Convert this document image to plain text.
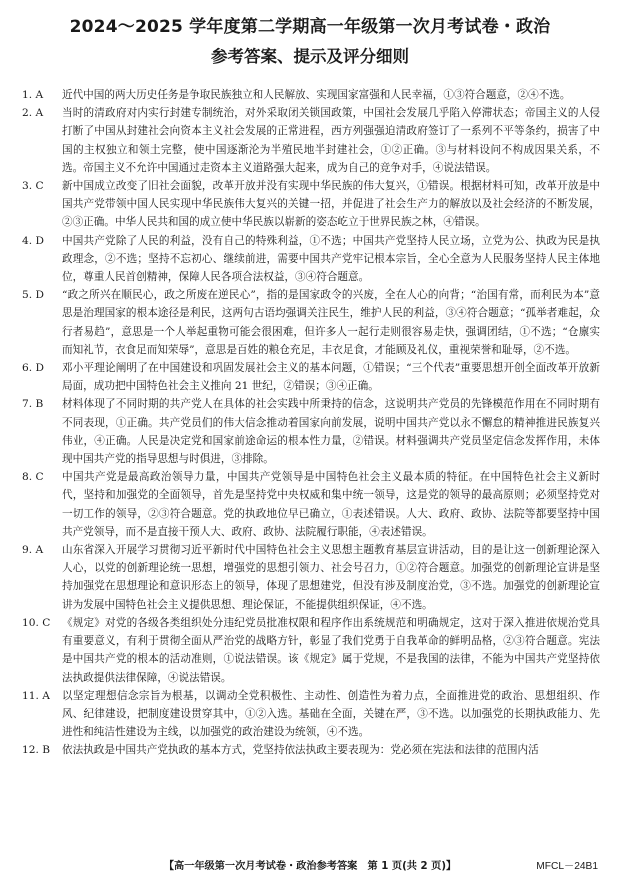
2024～2025 学年度第二学期高一年级第一次月考试卷・政治
参考答案、提示及评分细则
1. A	近代中国的两大历史任务是争取民族独立和人民解放、实现国家富强和人民幸福，①③符合题意，②④不选。
2. A	当时的清政府对内实行封建专制统治，对外采取闭关锁国政策，中国社会发展几乎陷入停滞状态；帝国主义的人侵打断了中国从封建社会向资本主义社会发展的正常进程，西方列强强迫清政府签订了一系列不平等条约，损害了中国的主权独立和领土完整，使中国逐渐沦为半殖民地半封建社会，①②正确。③与材料设问不构成因果关系，不选。帝国主义不允许中国通过走资本主义道路强大起来，成为自己的竞争对手，④说法错误。
3. C	新中国成立改变了旧社会面貌，改革开放并没有实现中华民族的伟大复兴，①错误。根据材料可知，改革开放是中国共产党带领中国人民实现中华民族伟大复兴的关键一招，并促进了社会生产力的解放以及社会经济的不断发展，②③正确。中华人民共和国的成立使中华民族以崭新的姿态屹立于世界民族之林，④错误。
4. D	中国共产党除了人民的利益，没有自己的特殊利益，①不选；中国共产党坚持人民立场，立党为公、执政为民是执政理念，②不选；坚持不忘初心、继续前进，需要中国共产党牢记根本宗旨，全心全意为人民服务坚持人民主体地位，尊重人民首创精神，保障人民各项合法权益，③④符合题意。
5. D	“政之所兴在顺民心，政之所废在逆民心”，指的是国家政令的兴废，全在人心的向背；“治国有常，而利民为本”意思是治理国家的根本途径是利民，这两句古语均强调关注民生，维护人民的利益，③④符合题意；“孤举者难起，众行者易趋”，意思是一个人举起重物可能会很困难，但许多人一起行走则很容易走快，强调团结，①不选；“仓廪实而知礼节，衣食足而知荣辱”，意思是百姓的粮仓充足，丰衣足食，才能顾及礼仪，重视荣誉和耻辱，②不选。
6. D	邓小平理论阐明了在中国建设和巩固发展社会主义的基本问题，①错误；“三个代表”重要思想开创全面改革开放新局面，成功把中国特色社会主义推向 21 世纪，②错误；③④正确。
7. B	材料体现了不同时期的共产党人在具体的社会实践中所秉持的信念，这说明共产党员的先锋模范作用在不同时期有不同表现，①正确。共产党员们的伟大信念推动着国家向前发展，说明中国共产党以永不懈怠的精神推进民族复兴伟业，④正确。人民是决定党和国家前途命运的根本性力量，②错误。材料强调共产党员坚定信念发挥作用，未体现中国共产党的指导思想与时俱进，③排除。
8. C	中国共产党是最高政治领导力量，中国共产党领导是中国特色社会主义最本质的特征。在中国特色社会主义新时代，坚持和加强党的全面领导，首先是坚持党中央权威和集中统一领导，这是党的领导的最高原则；必须坚持党对一切工作的领导，②③符合题意。党的执政地位早已确立，①表述错误。人大、政府、政协、法院等都要坚持中国共产党领导，而不是直接干预人大、政府、政协、法院履行职能，④表述错误。
9. A	山东省深入开展学习贯彻习近平新时代中国特色社会主义思想主题教育基层宣讲活动，目的是让这一创新理论深入人心，以党的创新理论统一思想，增强党的思想引领力、社会号召力，①②符合题意。加强党的创新理论宣讲是坚持加强党在思想理论和意识形态上的领导，体现了思想建党，但没有涉及制度治党，③不选。加强党的创新理论宣讲为发展中国特色社会主义提供思想、理论保证，不能提供组织保证，④不选。
10. C	《规定》对党的各级各类组织处分违纪党员批准权限和程序作出系统规范和明确规定，这对于深入推进依规治党具有重要意义，有利于贯彻全面从严治党的战略方针，彰显了我们党勇于自我革命的鲜明品格，②③符合题意。宪法是中国共产党的根本的活动准则，①说法错误。该《规定》属于党规，不是我国的法律，不能为中国共产党坚持依法执政提供法律保障，④说法错误。
11. A	以坚定理想信念宗旨为根基，以调动全党积极性、主动性、创造性为着力点，全面推进党的政治、思想组织、作风、纪律建设，把制度建设贯穿其中，①②入选。基础在全面，关键在严，③不选。以加强党的长期执政能力、先进性和纯洁性建设为主线，以加强党的政治建设为统领，④不选。
12. B	依法执政是中国共产党执政的基本方式，党坚持依法执政主要表现为：党必须在宪法和法律的范围内活
【高一年级第一次月考试卷・政治参考答案　第 1 页(共 2 页)】	MFCL－24B1
